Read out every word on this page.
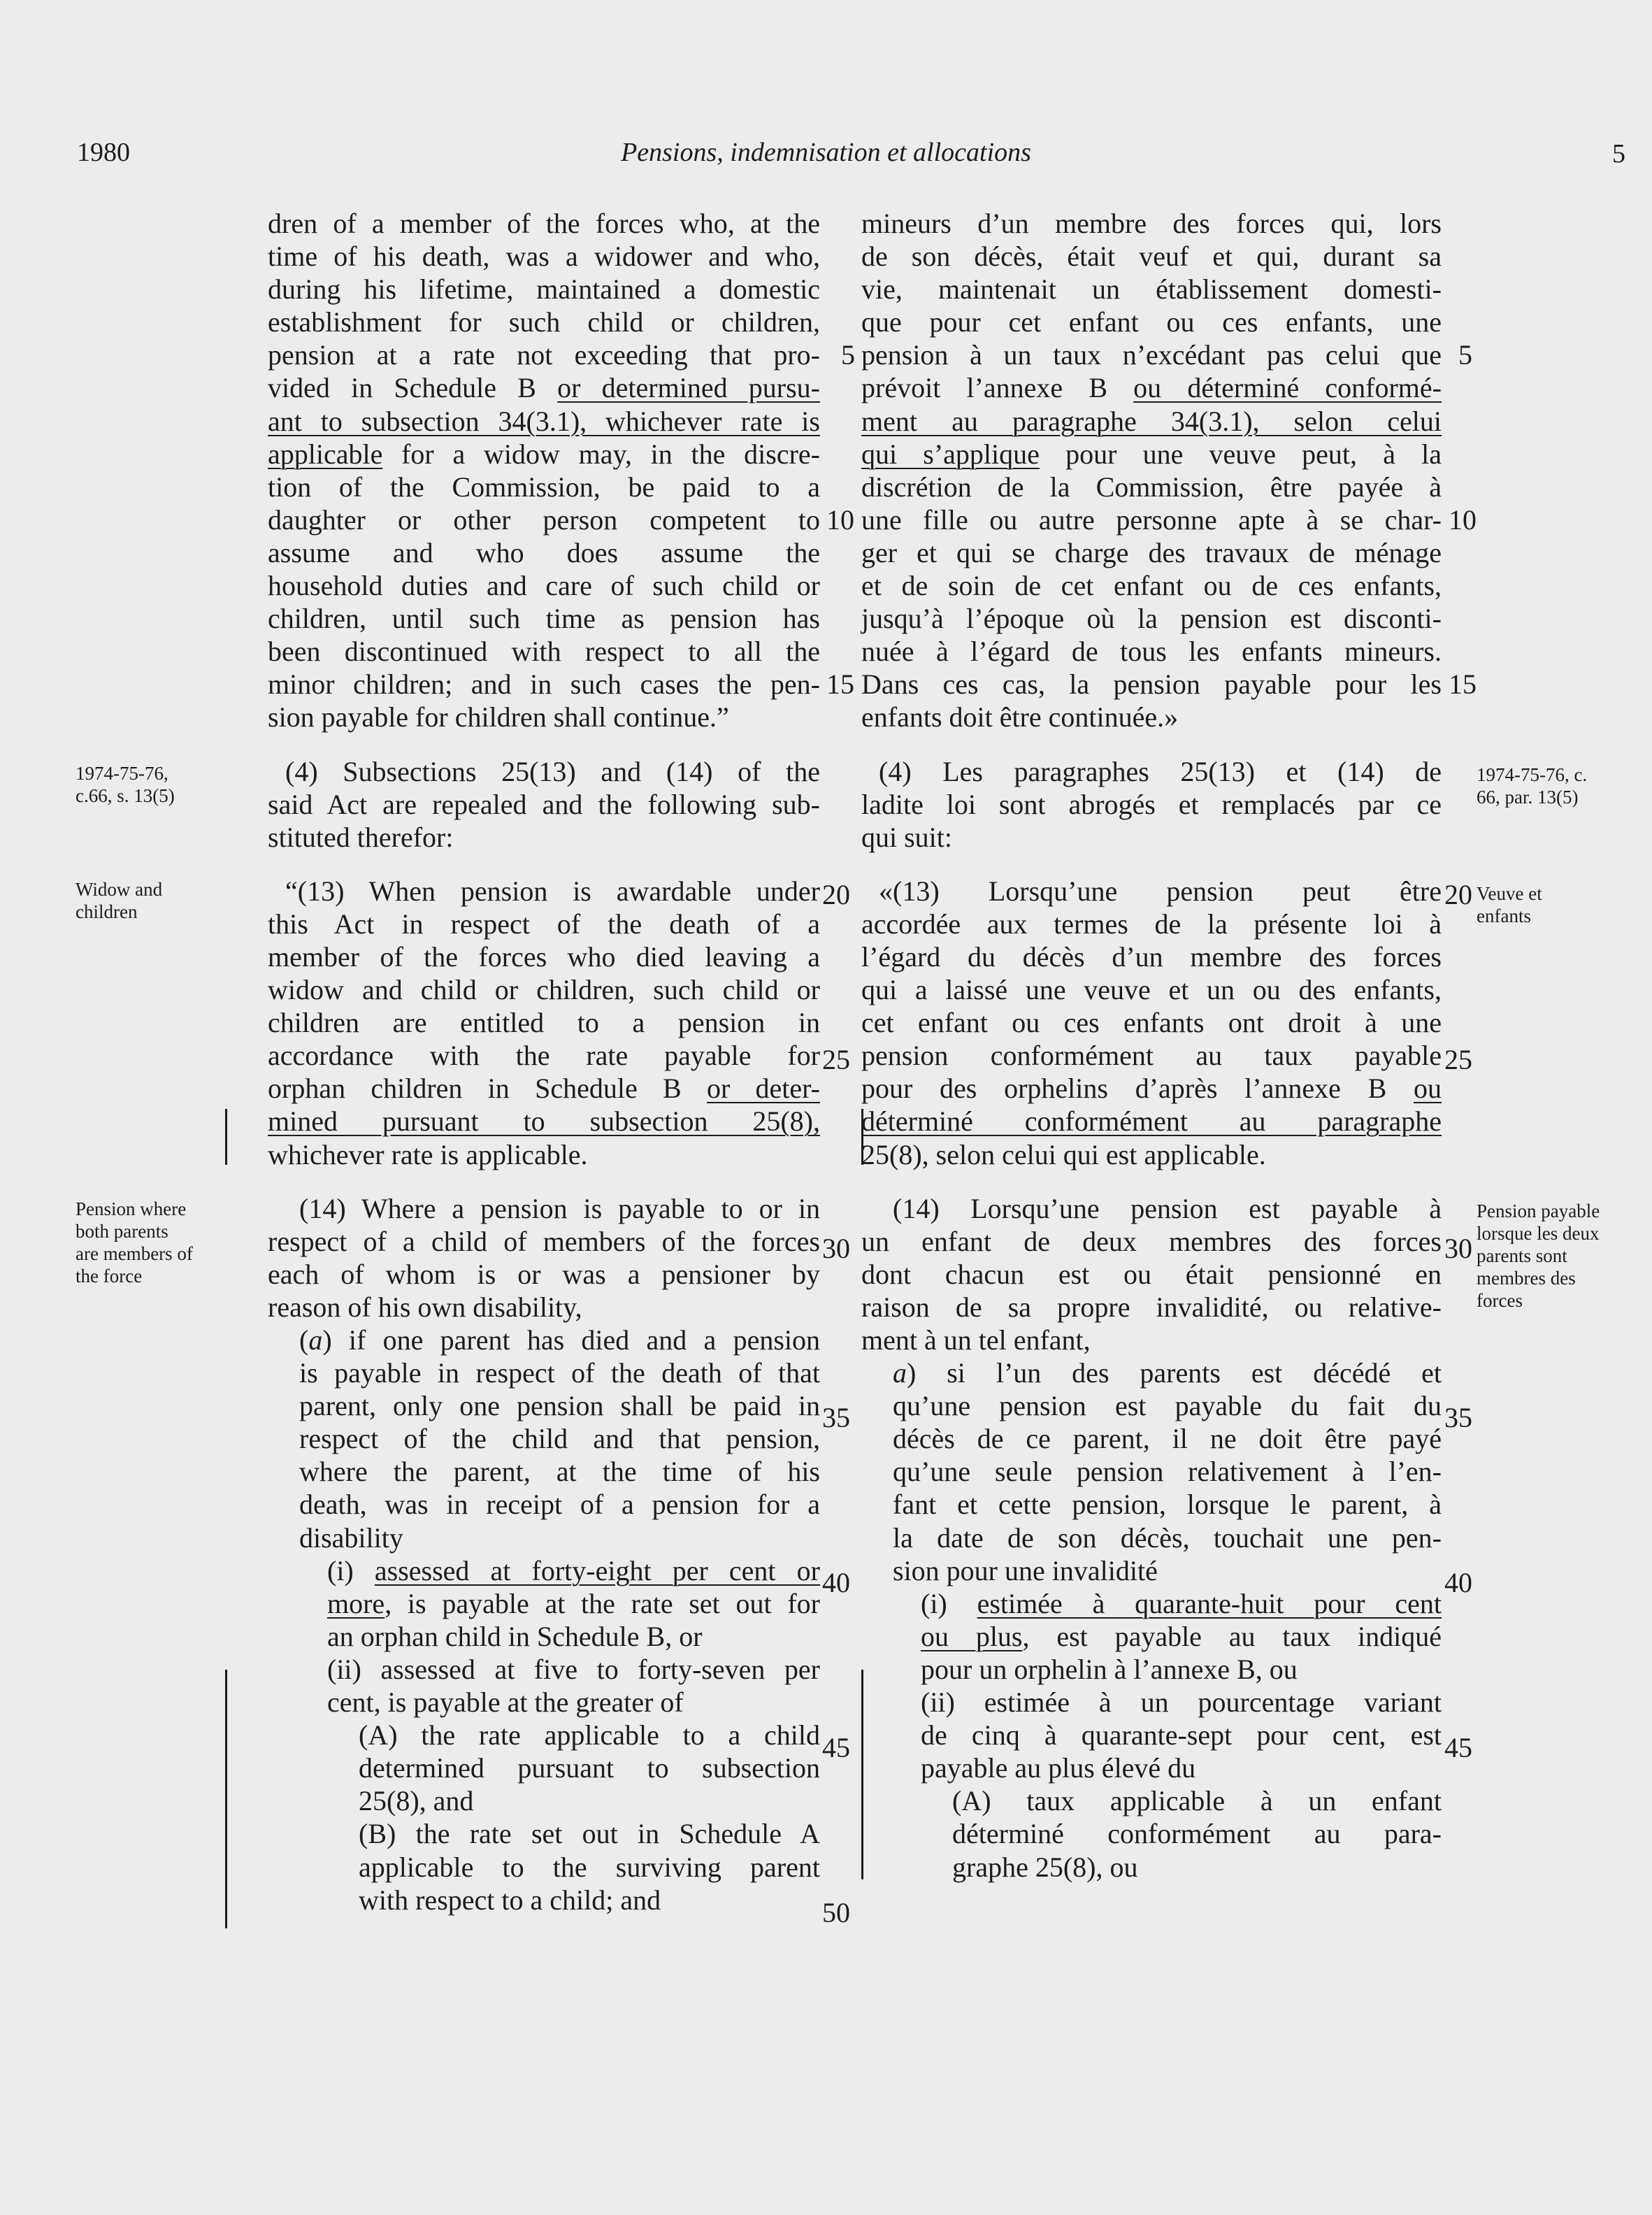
1980	Pensions, indemnisation et allocations	5
1974-75-76,
c.66, s. 13(5)
Widow and
children
Pension where
both parents
are members of
the force
1974-75-76, c.
66, par. 13(5)
Veuve et
enfants
Pension payable
lorsque les deux
parents sont
membres des
forces
5
10
15
20
25
30
35
40
45
50
5
10
15
20
25
30
35
40
45

dren of a member of the forces who, at the

time of his death, was a widower and who,

during his lifetime, maintained a domestic

establishment for such child or children,

pension at a rate not exceeding that pro-

vided in Schedule B or determined pursu-

ant to subsection 34(3.1), whichever rate is

applicable for a widow may, in the discre-

tion of the Commission, be paid to a

daughter or other person competent to

assume and who does assume the

household duties and care of such child or

children, until such time as pension has

been discontinued with respect to all the

minor children; and in such cases the pen-

sion payable for children shall continue.”

(4) Subsections 25(13) and (14) of the

said Act are repealed and the following sub-

stituted therefor:

“(13) When pension is awardable under

this Act in respect of the death of a

member of the forces who died leaving a

widow and child or children, such child or

children are entitled to a pension in

accordance with the rate payable for

orphan children in Schedule B or deter-

mined pursuant to subsection 25(8),

whichever rate is applicable.

(14) Where a pension is payable to or in

respect of a child of members of the forces

each of whom is or was a pensioner by

reason of his own disability,

(a) if one parent has died and a pension

is payable in respect of the death of that

parent, only one pension shall be paid in

respect of the child and that pension,

where the parent, at the time of his

death, was in receipt of a pension for a

disability

(i) assessed at forty-eight per cent or

more, is payable at the rate set out for

an orphan child in Schedule B, or

(ii) assessed at five to forty-seven per

cent, is payable at the greater of

(A) the rate applicable to a child

determined pursuant to subsection

25(8), and

(B) the rate set out in Schedule A

applicable to the surviving parent

with respect to a child; and

mineurs d’un membre des forces qui, lors

de son décès, était veuf et qui, durant sa

vie, maintenait un établissement domesti-

que pour cet enfant ou ces enfants, une

pension à un taux n’excédant pas celui que

prévoit l’annexe B ou déterminé conformé-

ment au paragraphe 34(3.1), selon celui

qui s’applique pour une veuve peut, à la

discrétion de la Commission, être payée à

une fille ou autre personne apte à se char-

ger et qui se charge des travaux de ménage

et de soin de cet enfant ou de ces enfants,

jusqu’à l’époque où la pension est disconti-

nuée à l’égard de tous les enfants mineurs.

Dans ces cas, la pension payable pour les

enfants doit être continuée.»

(4) Les paragraphes 25(13) et (14) de

ladite loi sont abrogés et remplacés par ce

qui suit:

«(13) Lorsqu’une pension peut être

accordée aux termes de la présente loi à

l’égard du décès d’un membre des forces

qui a laissé une veuve et un ou des enfants,

cet enfant ou ces enfants ont droit à une

pension conformément au taux payable

pour des orphelins d’après l’annexe B ou

déterminé conformément au paragraphe

25(8), selon celui qui est applicable.

(14) Lorsqu’une pension est payable à

un enfant de deux membres des forces

dont chacun est ou était pensionné en

raison de sa propre invalidité, ou relative-

ment à un tel enfant,

a) si l’un des parents est décédé et

qu’une pension est payable du fait du

décès de ce parent, il ne doit être payé

qu’une seule pension relativement à l’en-

fant et cette pension, lorsque le parent, à

la date de son décès, touchait une pen-

sion pour une invalidité

(i) estimée à quarante-huit pour cent

ou plus, est payable au taux indiqué

pour un orphelin à l’annexe B, ou

(ii) estimée à un pourcentage variant

de cinq à quarante-sept pour cent, est

payable au plus élevé du

(A) taux applicable à un enfant

déterminé conformément au para-

graphe 25(8), ou
